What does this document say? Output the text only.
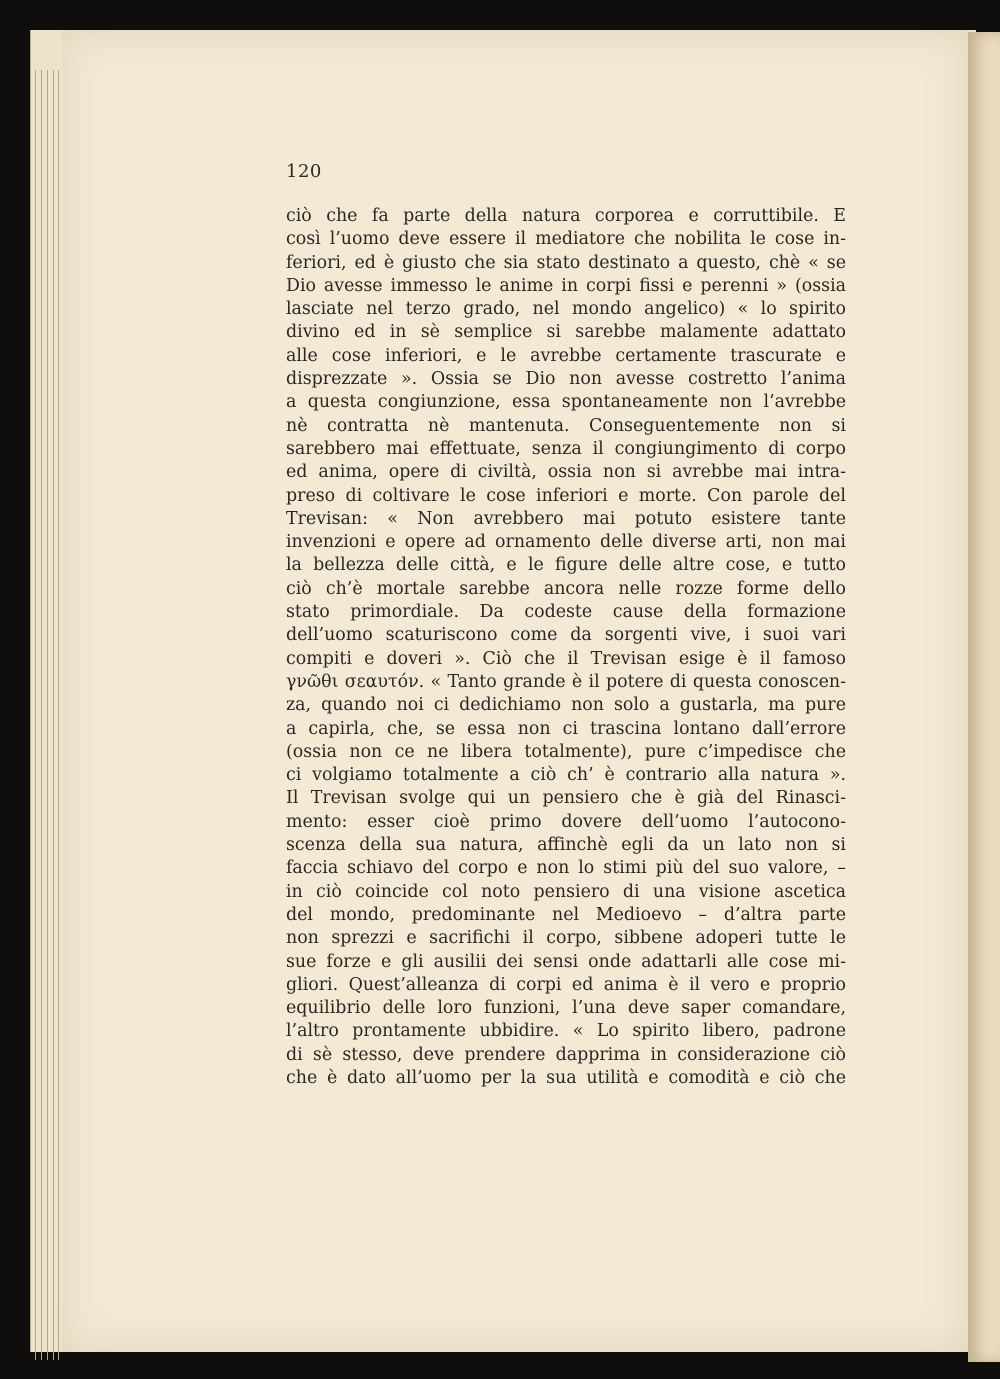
120
ciò che fa parte della natura corporea e corruttibile. E
così l’uomo deve essere il mediatore che nobilita le cose in-
feriori, ed è giusto che sia stato destinato a questo, chè « se
Dio avesse immesso le anime in corpi fissi e perenni » (ossia
lasciate nel terzo grado, nel mondo angelico) « lo spirito
divino ed in sè semplice si sarebbe malamente adattato
alle cose inferiori, e le avrebbe certamente trascurate e
disprezzate ». Ossia se Dio non avesse costretto l’anima
a questa congiunzione, essa spontaneamente non l’avrebbe
nè contratta nè mantenuta. Conseguentemente non si
sarebbero mai effettuate, senza il congiungimento di corpo
ed anima, opere di civiltà, ossia non si avrebbe mai intra-
preso di coltivare le cose inferiori e morte. Con parole del
Trevisan: « Non avrebbero mai potuto esistere tante
invenzioni e opere ad ornamento delle diverse arti, non mai
la bellezza delle città, e le figure delle altre cose, e tutto
ciò ch’è mortale sarebbe ancora nelle rozze forme dello
stato primordiale. Da codeste cause della formazione
dell’uomo scaturiscono come da sorgenti vive, i suoi vari
compiti e doveri ». Ciò che il Trevisan esige è il famoso
γνῶθι σεαυτόν. « Tanto grande è il potere di questa conoscen-
za, quando noi ci dedichiamo non solo a gustarla, ma pure
a capirla, che, se essa non ci trascina lontano dall’errore
(ossia non ce ne libera totalmente), pure c’impedisce che
ci volgiamo totalmente a ciò ch’ è contrario alla natura ».
Il Trevisan svolge qui un pensiero che è già del Rinasci-
mento: esser cioè primo dovere dell’uomo l’autocono-
scenza della sua natura, affinchè egli da un lato non si
faccia schiavo del corpo e non lo stimi più del suo valore, –
in ciò coincide col noto pensiero di una visione ascetica
del mondo, predominante nel Medioevo – d’altra parte
non sprezzi e sacrifichi il corpo, sibbene adoperi tutte le
sue forze e gli ausilii dei sensi onde adattarli alle cose mi-
gliori. Quest’alleanza di corpi ed anima è il vero e proprio
equilibrio delle loro funzioni, l’una deve saper comandare,
l’altro prontamente ubbidire. « Lo spirito libero, padrone
di sè stesso, deve prendere dapprima in considerazione ciò
che è dato all’uomo per la sua utilità e comodità e ciò che
